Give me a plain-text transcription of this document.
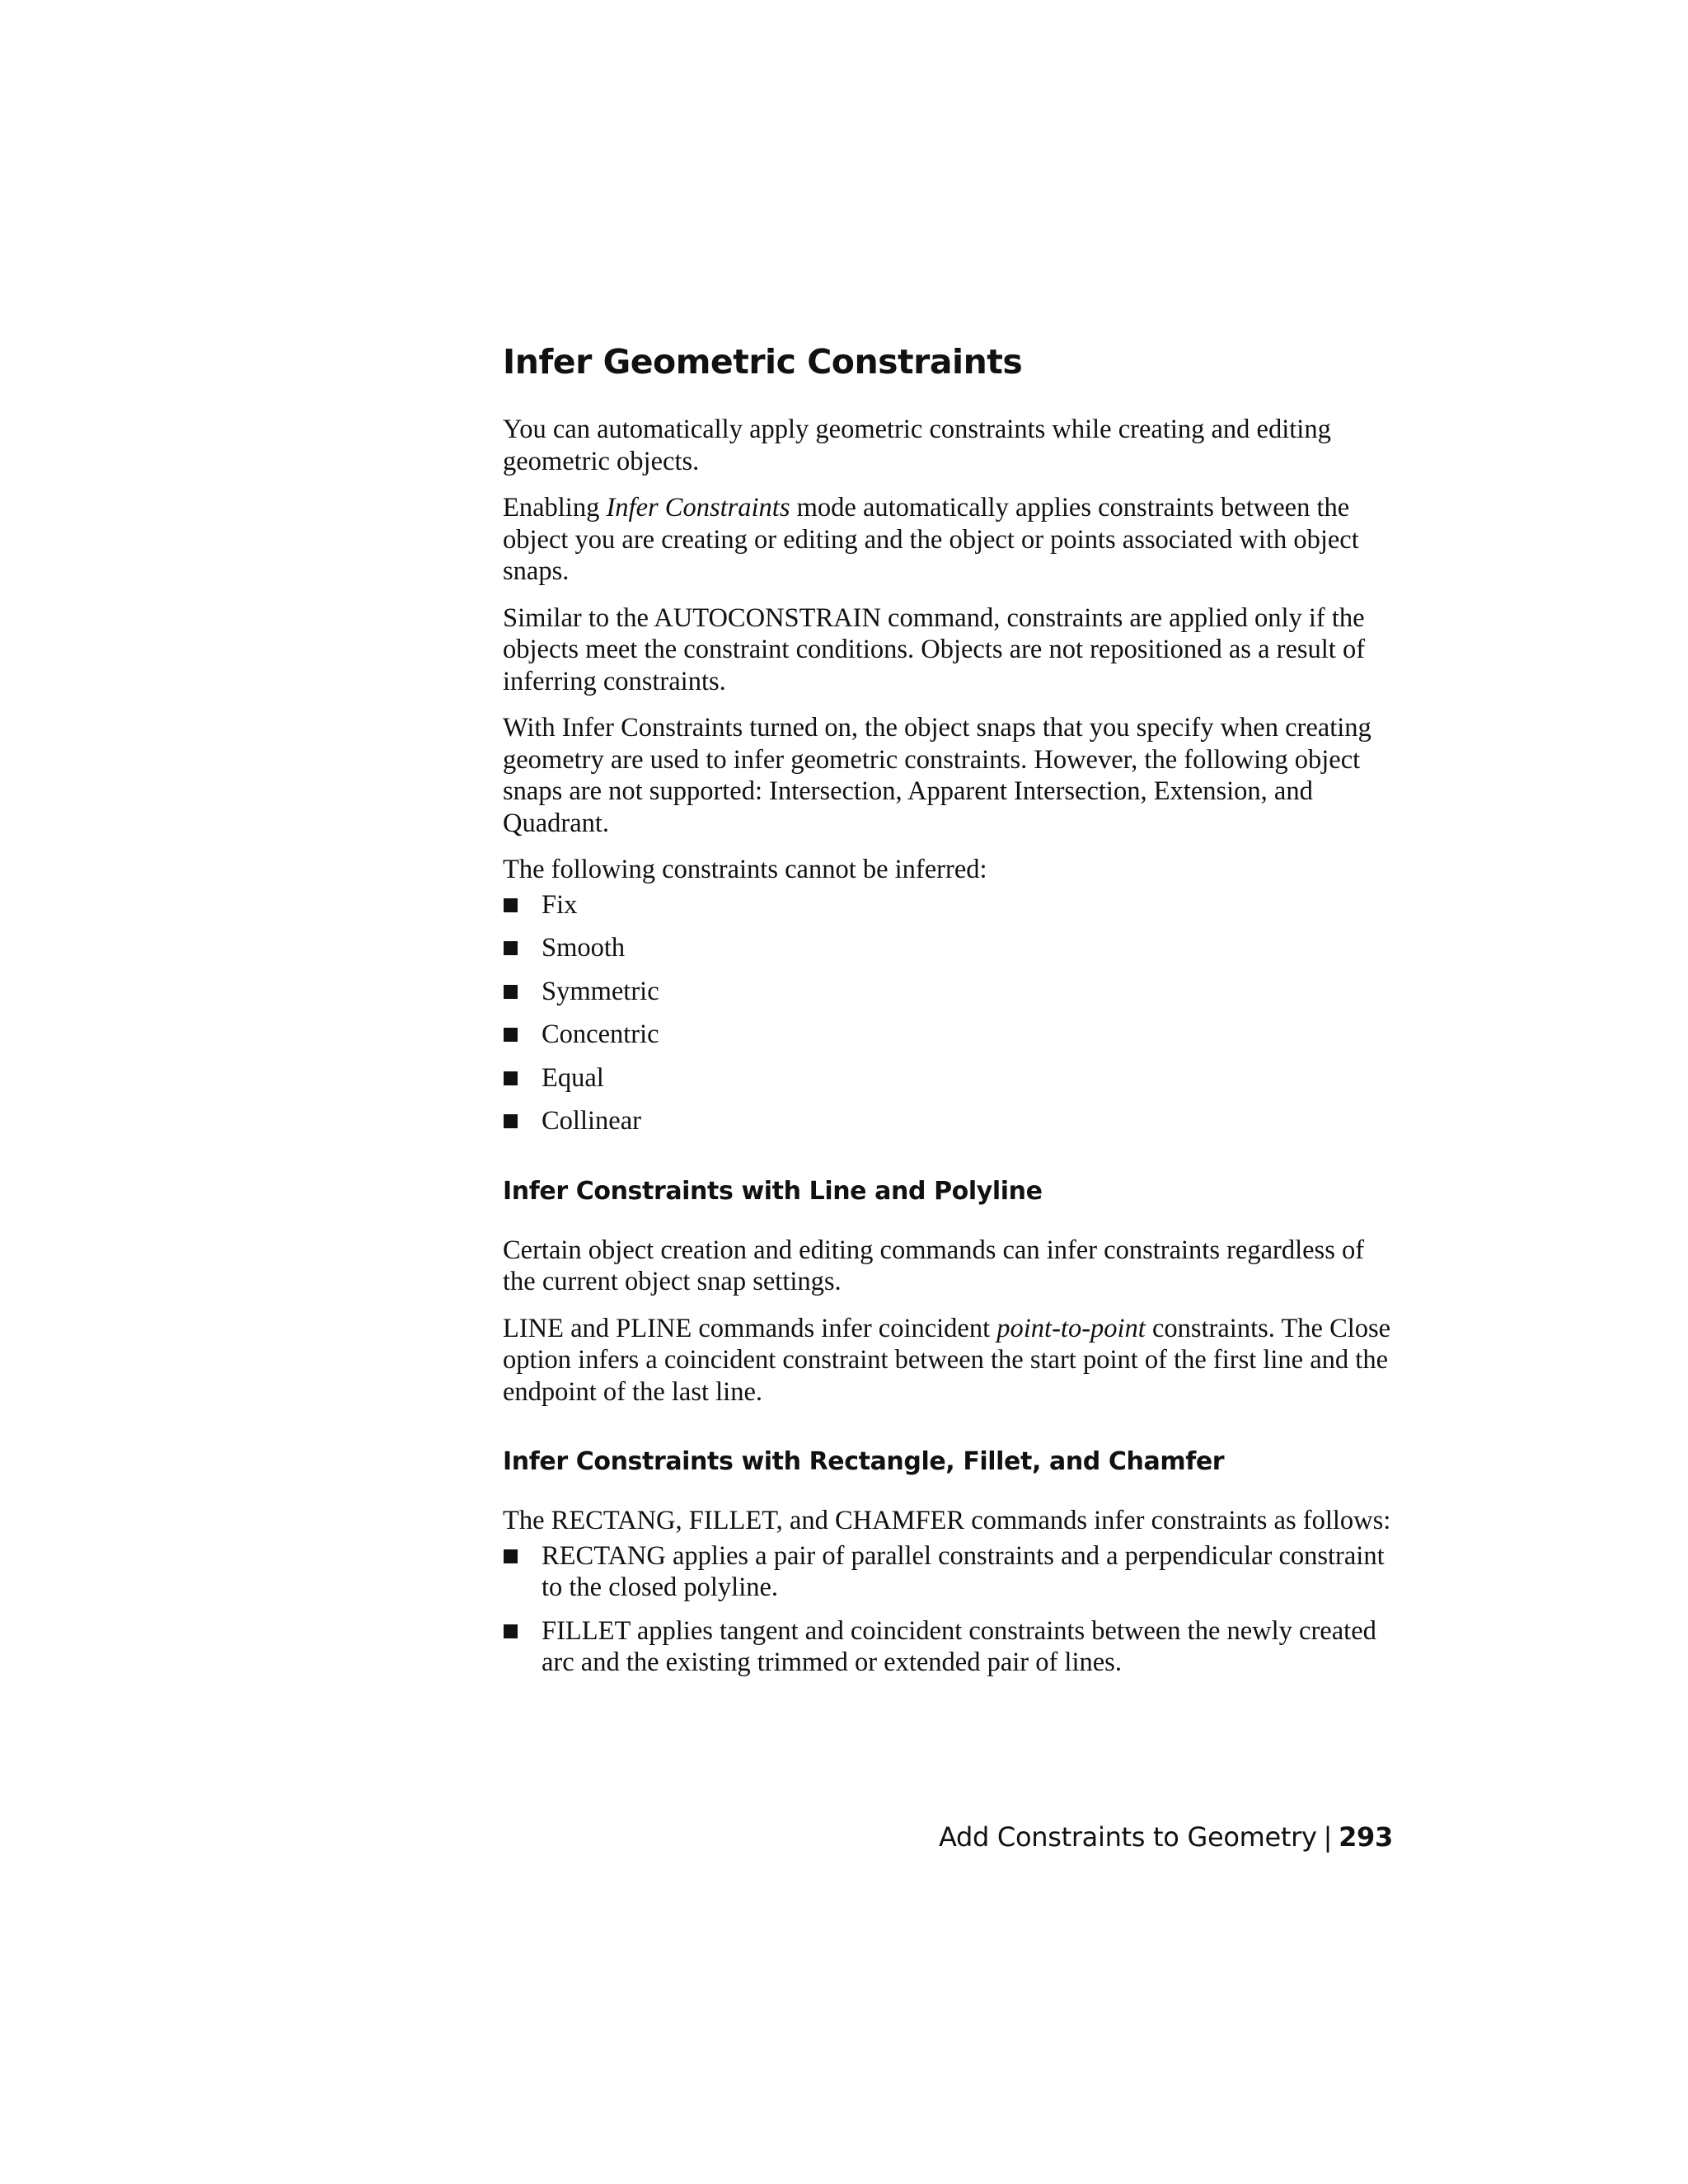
Infer Geometric Constraints

You can automatically apply geometric constraints while creating and editing geometric objects.

Enabling Infer Constraints mode automatically applies constraints between the object you are creating or editing and the object or points associated with object snaps.

Similar to the AUTOCONSTRAIN command, constraints are applied only if the objects meet the constraint conditions. Objects are not repositioned as a result of inferring constraints.

With Infer Constraints turned on, the object snaps that you specify when creating geometry are used to infer geometric constraints. However, the following object snaps are not supported: Intersection, Apparent Intersection, Extension, and Quadrant.

The following constraints cannot be inferred:

Fix
Smooth
Symmetric
Concentric
Equal
Collinear
Infer Constraints with Line and Polyline

Certain object creation and editing commands can infer constraints regardless of the current object snap settings.

LINE and PLINE commands infer coincident point-to-point constraints. The Close option infers a coincident constraint between the start point of the first line and the endpoint of the last line.

Infer Constraints with Rectangle, Fillet, and Chamfer

The RECTANG, FILLET, and CHAMFER commands infer constraints as follows:

RECTANG applies a pair of parallel constraints and a perpendicular constraint to the closed polyline.
FILLET applies tangent and coincident constraints between the newly created arc and the existing trimmed or extended pair of lines.
Add Constraints to Geometry | 293
